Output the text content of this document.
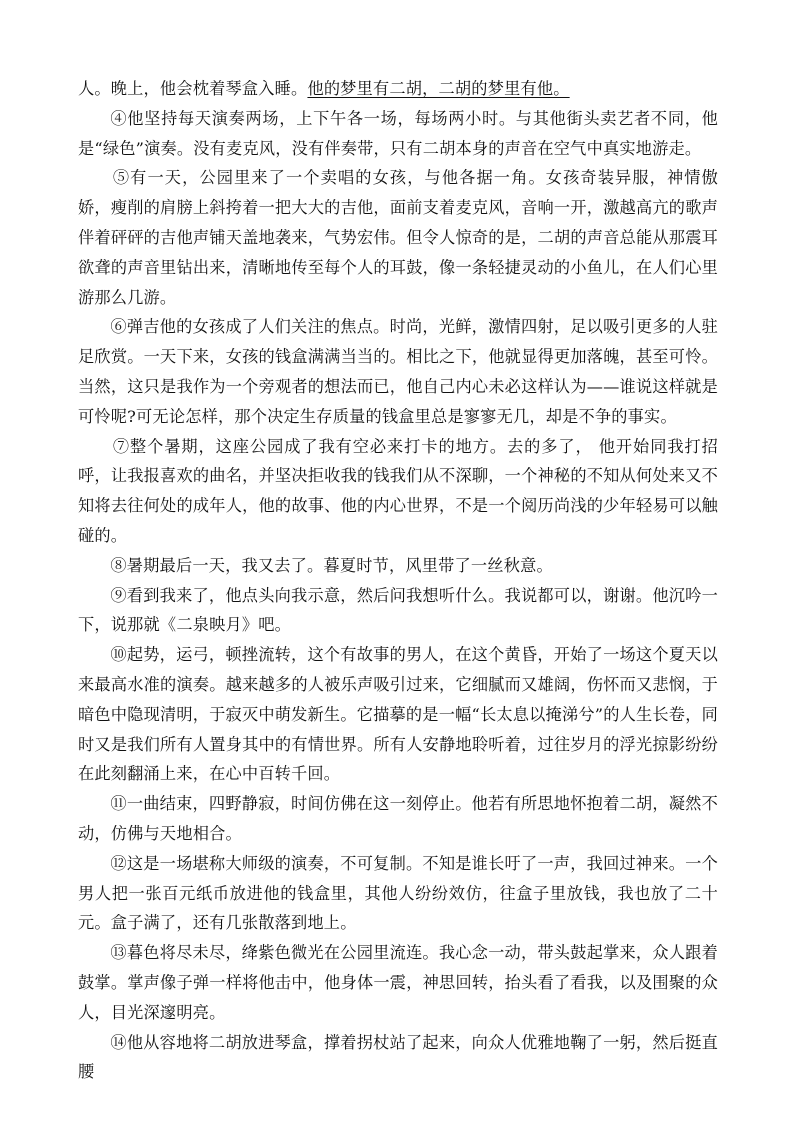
人。晚上，他会枕着琴盒入睡。他的梦里有二胡，二胡的梦里有他。

④他坚持每天演奏两场，上下午各一场，每场两小时。与其他街头卖艺者不同，他是“绿色”演奏。没有麦克风，没有伴奏带，只有二胡本身的声音在空气中真实地游走。

⑤有一天，公园里来了一个卖唱的女孩，与他各据一角。女孩奇装异服，神情傲娇，瘦削的肩膀上斜挎着一把大大的吉他，面前支着麦克风，音响一开，激越高亢的歌声伴着砰砰的吉他声铺天盖地袭来，气势宏伟。但令人惊奇的是，二胡的声音总能从那震耳欲聋的声音里钻出来，清晰地传至每个人的耳鼓，像一条轻捷灵动的小鱼儿，在人们心里游那么几游。

⑥弹吉他的女孩成了人们关注的焦点。时尚，光鲜，激情四射，足以吸引更多的人驻足欣赏。一天下来，女孩的钱盒满满当当的。相比之下，他就显得更加落魄，甚至可怜。 当然，这只是我作为一个旁观者的想法而已，他自己内心未必这样认为——谁说这样就是可怜呢?可无论怎样，那个决定生存质量的钱盒里总是寥寥无几，却是不争的事实。

⑦整个暑期，这座公园成了我有空必来打卡的地方。去的多了， 他开始同我打招呼，让我报喜欢的曲名，并坚决拒收我的钱我们从不深聊，一个神秘的不知从何处来又不知将去往何处的成年人，他的故事、他的内心世界，不是一个阅历尚浅的少年轻易可以触碰的。

⑧暑期最后一天，我又去了。暮夏时节，风里带了一丝秋意。

⑨看到我来了，他点头向我示意，然后问我想听什么。我说都可以，谢谢。他沉吟一下，说那就《二泉映月》吧。

⑩起势，运弓，顿挫流转，这个有故事的男人，在这个黄昏，开始了一场这个夏天以来最高水准的演奏。越来越多的人被乐声吸引过来，它细腻而又雄阔，伤怀而又悲悯，于暗色中隐现清明，于寂灭中萌发新生。它描摹的是一幅“长太息以掩涕兮”的人生长卷，同时又是我们所有人置身其中的有情世界。所有人安静地聆听着，过往岁月的浮光掠影纷纷在此刻翻涌上来，在心中百转千回。

⑪一曲结束，四野静寂，时间仿佛在这一刻停止。他若有所思地怀抱着二胡，凝然不动，仿佛与天地相合。

⑫这是一场堪称大师级的演奏，不可复制。不知是谁长吁了一声，我回过神来。一个男人把一张百元纸币放进他的钱盒里，其他人纷纷效仿，往盒子里放钱，我也放了二十元。盒子满了，还有几张散落到地上。

⑬暮色将尽未尽，绛紫色微光在公园里流连。我心念一动，带头鼓起掌来，众人跟着鼓掌。掌声像子弹一样将他击中，他身体一震，神思回转，抬头看了看我，以及围聚的众人，目光深邃明亮。

⑭他从容地将二胡放进琴盒，撑着拐杖站了起来，向众人优雅地鞠了一躬，然后挺直腰
